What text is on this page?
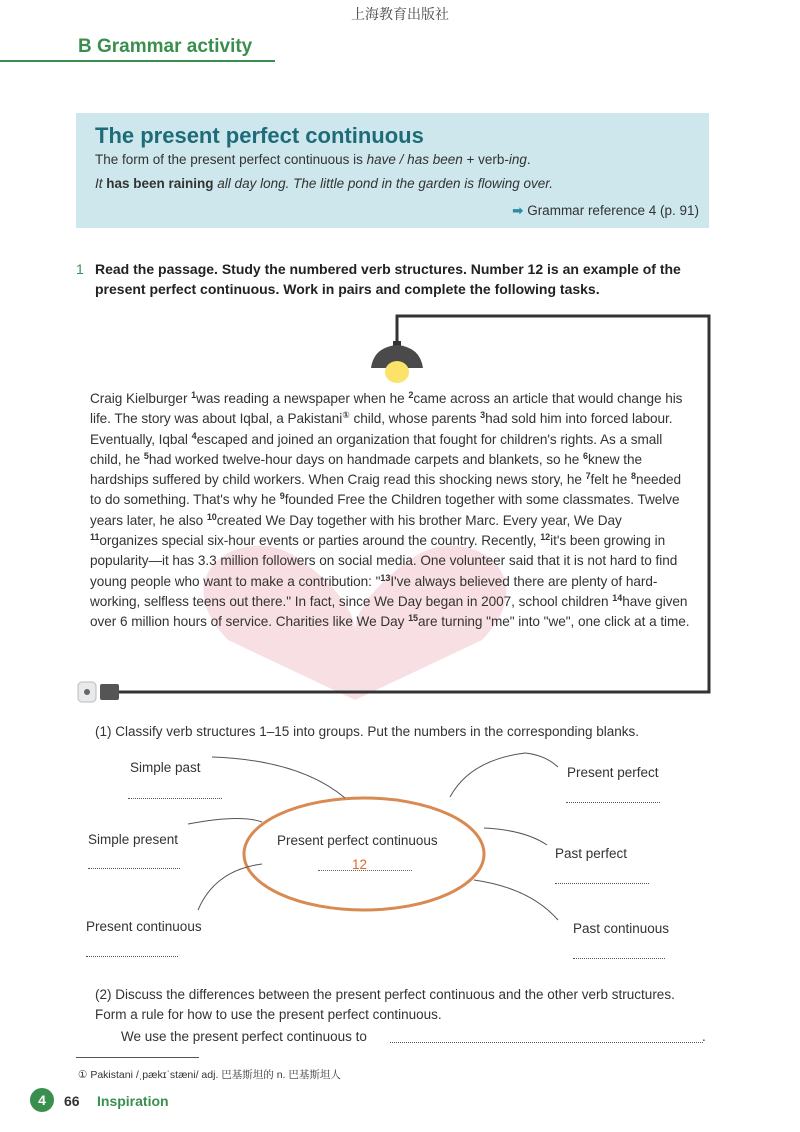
上海教育出版社
B Grammar activity
The present perfect continuous
The form of the present perfect continuous is have / has been + verb-ing.
It has been raining all day long. The little pond in the garden is flowing over.
➡ Grammar reference 4 (p. 91)
1 Read the passage. Study the numbered verb structures. Number 12 is an example of the present perfect continuous. Work in pairs and complete the following tasks.
Craig Kielburger $^1$was reading a newspaper when he $^2$came across an article that would change his life. The story was about Iqbal, a Pakistani① child, whose parents $^3$had sold him into forced labour. Eventually, Iqbal $^4$escaped and joined an organization that fought for children's rights. As a small child, he $^5$had worked twelve-hour days on handmade carpets and blankets, so he $^6$knew the hardships suffered by child workers. When Craig read this shocking news story, he $^7$felt he $^8$needed to do something. That's why he $^9$founded Free the Children together with some classmates. Twelve years later, he also $^{10}$created We Day together with his brother Marc. Every year, We Day $^{11}$organizes special six-hour events or parties around the country. Recently, $^{12}$it's been growing in popularity—it has 3.3 million followers on social media. One volunteer said that it is not hard to find young people who want to make a contribution: "$^{13}$I've always believed there are plenty of hard-working, selfless teens out there." In fact, since We Day began in 2007, school children $^{14}$have given over 6 million hours of service. Charities like We Day $^{15}$are turning "me" into "we", one click at a time.
(1) Classify verb structures 1–15 into groups. Put the numbers in the corresponding blanks.
Simple past	Present perfect
Simple present	Present perfect continuous
12
Past perfect
Present continuous	Past continuous
(2) Discuss the differences between the present perfect continuous and the other verb structures. Form a rule for how to use the present perfect continuous.
We use the present perfect continuous to	.
① Pakistani /ˌpækɪˈstæni/ adj. 巴基斯坦的 n. 巴基斯坦人
4	66 Inspiration
